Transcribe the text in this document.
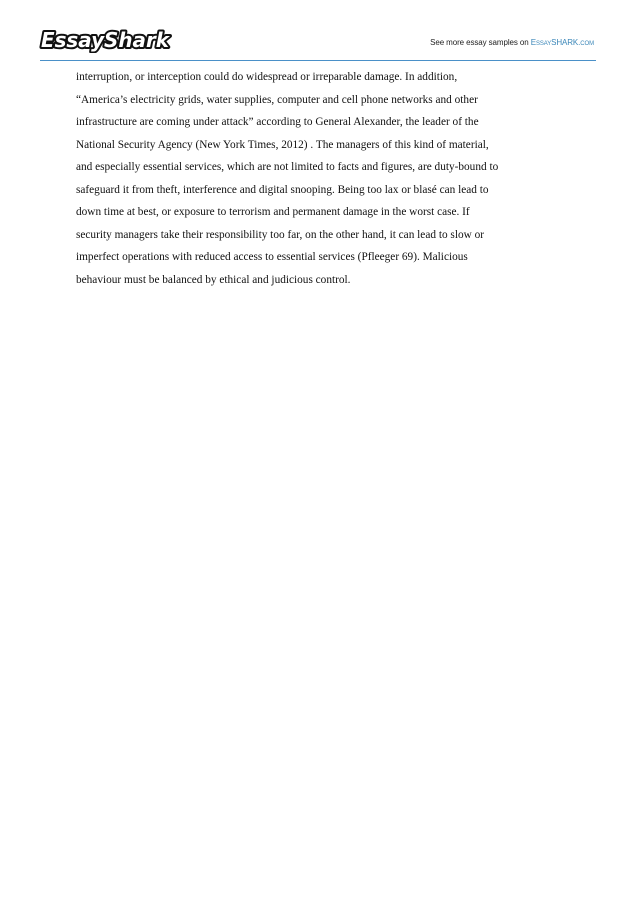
EssayShark	See more essay samples on EssaySHARK.com

interruption, or interception could do widespread or irreparable damage. In addition,

“America’s electricity grids, water supplies, computer and cell phone networks and other

infrastructure are coming under attack” according to General Alexander, the leader of the

National Security Agency (New York Times, 2012) . The managers of this kind of material,

and especially essential services, which are not limited to facts and figures, are duty-bound to

safeguard it from theft, interference and digital snooping. Being too lax or blasé can lead to

down time at best, or exposure to terrorism and permanent damage in the worst case. If

security managers take their responsibility too far, on the other hand, it can lead to slow or

imperfect operations with reduced access to essential services (Pfleeger 69). Malicious

behaviour must be balanced by ethical and judicious control.
